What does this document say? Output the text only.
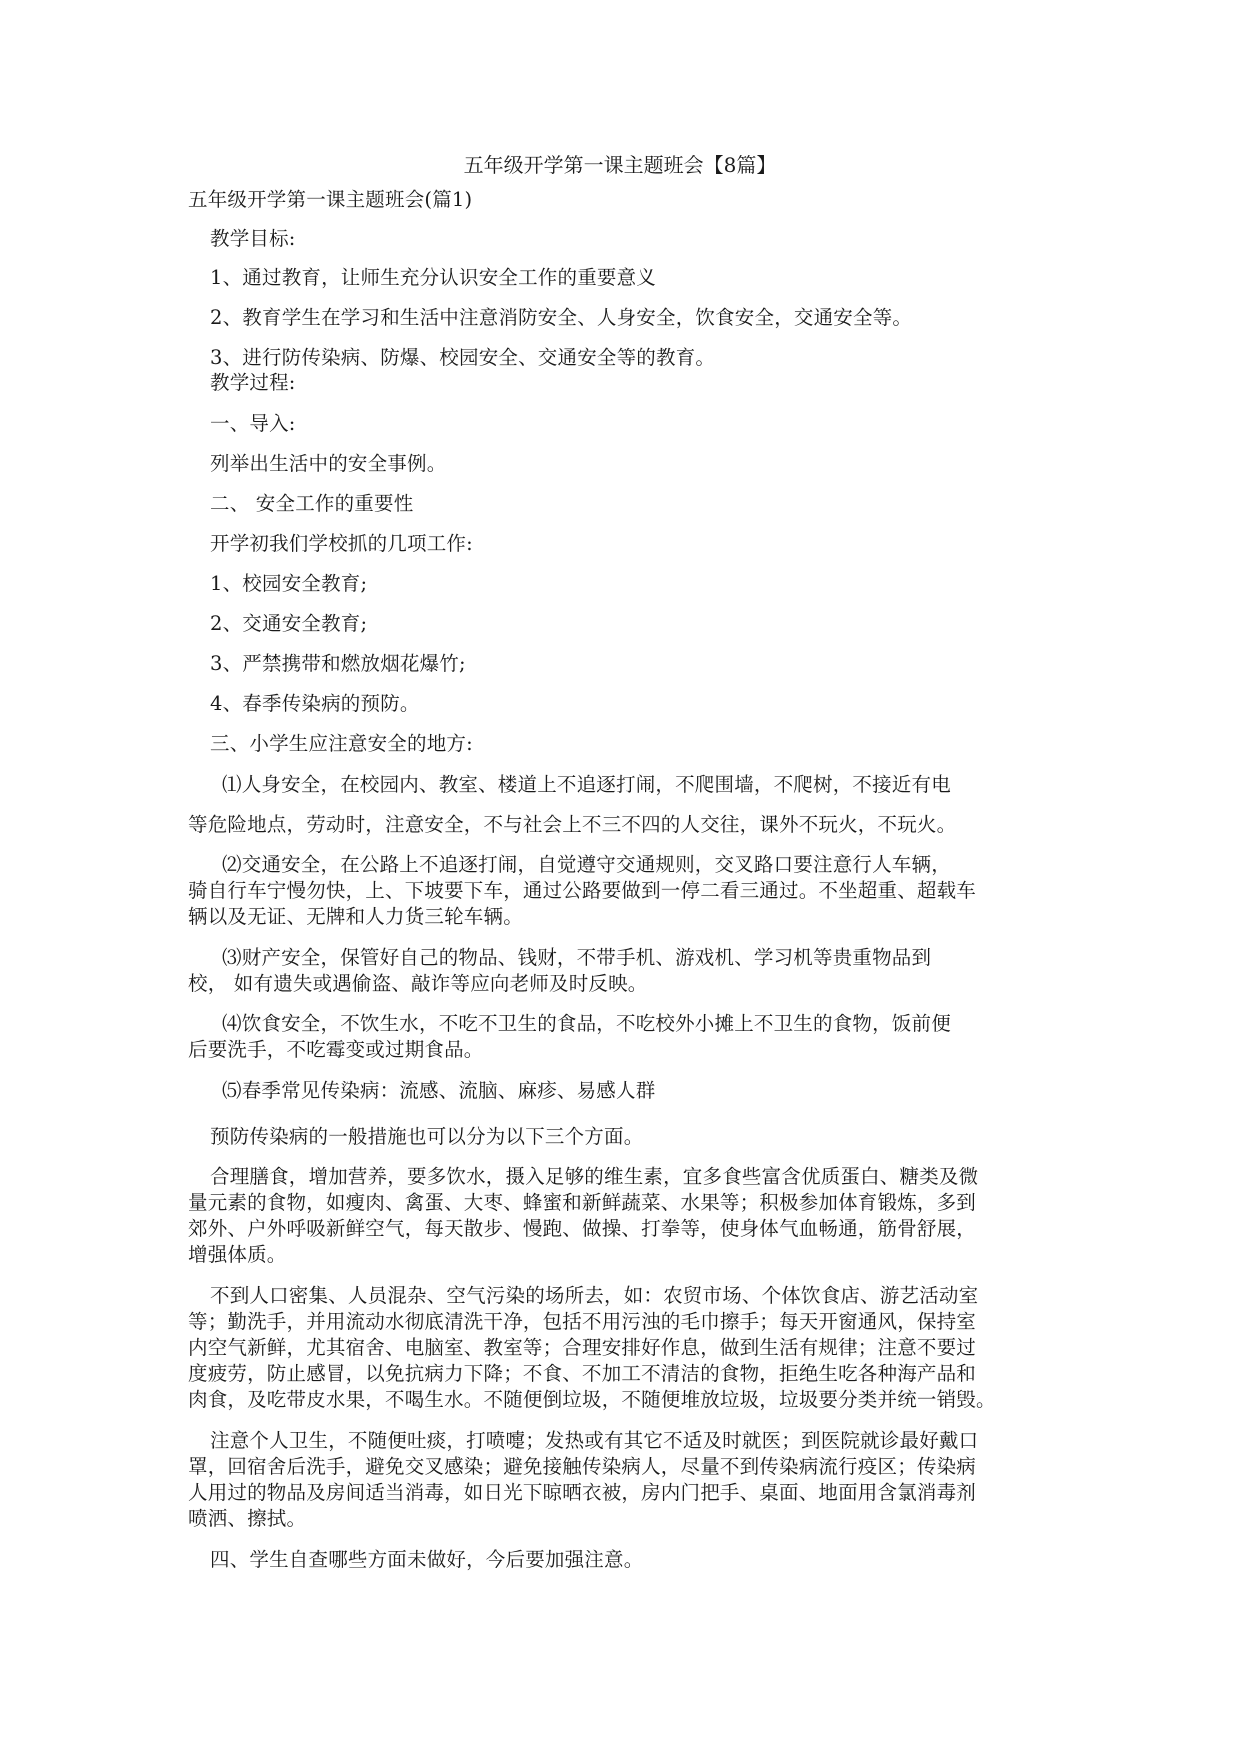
五年级开学第一课主题班会【8篇】
五年级开学第一课主题班会(篇1)
教学目标:
1、通过教育，让师生充分认识安全工作的重要意义
2、教育学生在学习和生活中注意消防安全、人身安全，饮食安全，交通安全等。
3、进行防传染病、防爆、校园安全、交通安全等的教育。
教学过程:
一、导入:
列举出生活中的安全事例。
二、 安全工作的重要性
开学初我们学校抓的几项工作:
1、校园安全教育;
2、交通安全教育;
3、严禁携带和燃放烟花爆竹;
4、春季传染病的预防。
三、小学生应注意安全的地方:
⑴人身安全，在校园内、教室、楼道上不追逐打闹，不爬围墙，不爬树，不接近有电
等危险地点，劳动时，注意安全，不与社会上不三不四的人交往，课外不玩火，不玩火。
⑵交通安全，在公路上不追逐打闹，自觉遵守交通规则，交叉路口要注意行人车辆，
骑自行车宁慢勿快，上、下坡要下车，通过公路要做到一停二看三通过。不坐超重、超载车
辆以及无证、无牌和人力货三轮车辆。
⑶财产安全，保管好自己的物品、钱财，不带手机、游戏机、学习机等贵重物品到
校， 如有遗失或遇偷盗、敲诈等应向老师及时反映。
⑷饮食安全，不饮生水，不吃不卫生的食品，不吃校外小摊上不卫生的食物，饭前便
后要洗手，不吃霉变或过期食品。
⑸春季常见传染病：流感、流脑、麻疹、易感人群
预防传染病的一般措施也可以分为以下三个方面。
合理膳食，增加营养，要多饮水，摄入足够的维生素，宜多食些富含优质蛋白、糖类及微
量元素的食物，如瘦肉、禽蛋、大枣、蜂蜜和新鲜蔬菜、水果等；积极参加体育锻炼，多到
郊外、户外呼吸新鲜空气，每天散步、慢跑、做操、打拳等，使身体气血畅通，筋骨舒展，
增强体质。
不到人口密集、人员混杂、空气污染的场所去，如：农贸市场、个体饮食店、游艺活动室
等；勤洗手，并用流动水彻底清洗干净，包括不用污浊的毛巾擦手；每天开窗通风，保持室
内空气新鲜，尤其宿舍、电脑室、教室等；合理安排好作息，做到生活有规律；注意不要过
度疲劳，防止感冒，以免抗病力下降；不食、不加工不清洁的食物，拒绝生吃各种海产品和
肉食，及吃带皮水果，不喝生水。不随便倒垃圾，不随便堆放垃圾，垃圾要分类并统一销毁。
注意个人卫生，不随便吐痰，打喷嚏；发热或有其它不适及时就医；到医院就诊最好戴口
罩，回宿舍后洗手，避免交叉感染；避免接触传染病人，尽量不到传染病流行疫区；传染病
人用过的物品及房间适当消毒，如日光下晾晒衣被，房内门把手、桌面、地面用含氯消毒剂
喷洒、擦拭。
四、学生自查哪些方面未做好，今后要加强注意。
